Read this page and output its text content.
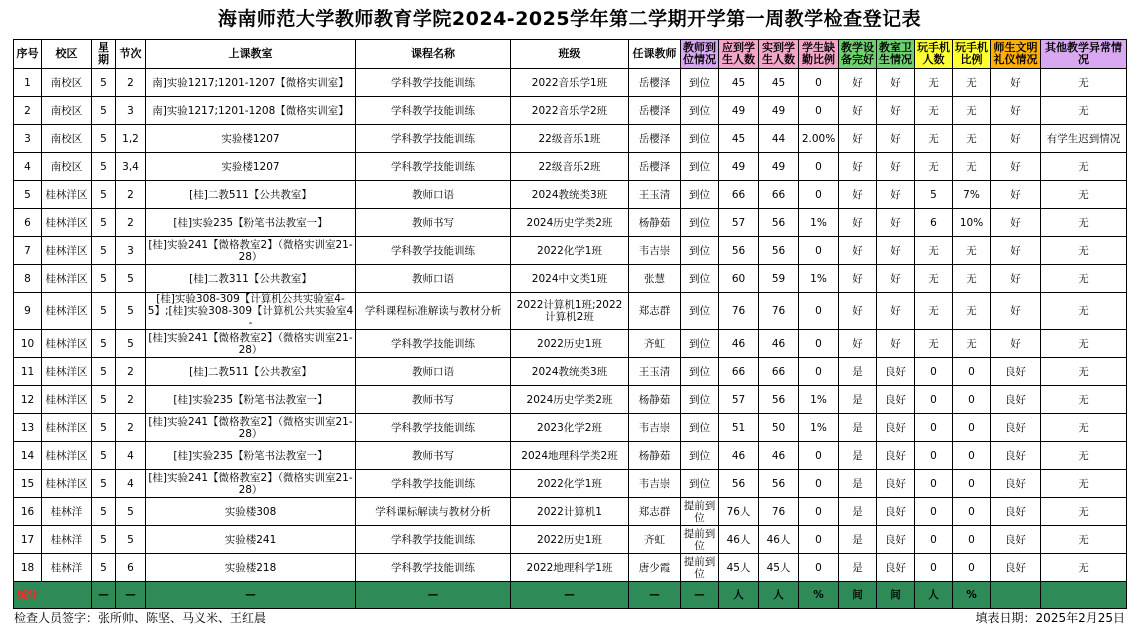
海南师范大学教师教育学院2024-2025学年第二学期开学第一周教学检查登记表
序号	校区	星期	节次	上课教室	课程名称	班级	任课教师	教师到位情况	应到学生人数	实到学生人数	学生缺勤比例	教学设备完好	教室卫生情况	玩手机人数	玩手机比例	师生文明礼仪情况	其他教学异常情况
1	南校区	5	2	南]实验1217;1201-1207【微格实训室】	学科教学技能训练	2022音乐学1班	岳樱泽	到位	45	45	0	好	好	无	无	好	无
2	南校区	5	3	南]实验1217;1201-1208【微格实训室】	学科教学技能训练	2022音乐学2班	岳樱泽	到位	49	49	0	好	好	无	无	好	无
3	南校区	5	1,2	实验楼1207	学科教学技能训练	22级音乐1班	岳樱泽	到位	45	44	2.00%	好	好	无	无	好	有学生迟到情况
4	南校区	5	3,4	实验楼1207	学科教学技能训练	22级音乐2班	岳樱泽	到位	49	49	0	好	好	无	无	好	无
5	桂林洋区	5	2	[桂]二教511【公共教室】	教师口语	2024教统类3班	王玉清	到位	66	66	0	好	好	5	7%	好	无
6	桂林洋区	5	2	[桂]实验235【粉笔书法教室一】	教师书写	2024历史学类2班	杨静茹	到位	57	56	1%	好	好	6	10%	好	无
7	桂林洋区	5	3	[桂]实验241【微格教室2】（微格实训室21-28）	学科教学技能训练	2022化学1班	韦吉崇	到位	56	56	0	好	好	无	无	好	无
8	桂林洋区	5	5	[桂]二教311【公共教室】	教师口语	2024中文类1班	张慧	到位	60	59	1%	好	好	无	无	好	无
9	桂林洋区	5	5	[桂]实验308-309【计算机公共实验室4-5】;[桂]实验308-309【计算机公共实验室4-	学科课程标准解读与教材分析	2022计算机1班;2022计算机2班	郑志群	到位	76	76	0	好	好	无	无	好	无
10	桂林洋区	5	5	[桂]实验241【微格教室2】（微格实训室21-28）	学科教学技能训练	2022历史1班	齐虹	到位	46	46	0	好	好	无	无	好	无
11	桂林洋区	5	2	[桂]二教511【公共教室】	教师口语	2024教统类3班	王玉清	到位	66	66	0	是	良好	0	0	良好	无
12	桂林洋区	5	2	[桂]实验235【粉笔书法教室一】	教师书写	2024历史学类2班	杨静茹	到位	57	56	1%	是	良好	0	0	良好	无
13	桂林洋区	5	2	[桂]实验241【微格教室2】（微格实训室21-28）	学科教学技能训练	2023化学2班	韦吉崇	到位	51	50	1%	是	良好	0	0	良好	无
14	桂林洋区	5	4	[桂]实验235【粉笔书法教室一】	教师书写	2024地理科学类2班	杨静茹	到位	46	46	0	是	良好	0	0	良好	无
15	桂林洋区	5	4	[桂]实验241【微格教室2】（微格实训室21-28）	学科教学技能训练	2022化学1班	韦吉崇	到位	56	56	0	是	良好	0	0	良好	无
16	桂林洋	5	5	实验楼308	学科课标解读与教材分析	2022计算机1	郑志群	提前到位	76人	76	0	是	良好	0	0	良好	无
17	桂林洋	5	5	实验楼241	学科教学技能训练	2022历史1班	齐虹	提前到位	46人	46人	0	是	良好	0	0	良好	无
18	桂林洋	5	6	实验楼218	学科教学技能训练	2022地理科学1班	唐少霞	提前到位	45人	45人	0	是	良好	0	0	良好	无
统计		—	—	—	—	—	—	—	人	人	%	间	间	人	%		
检查人员签字：张所帅、陈坚、马义米、王红晨	填表日期：2025年2月25日
